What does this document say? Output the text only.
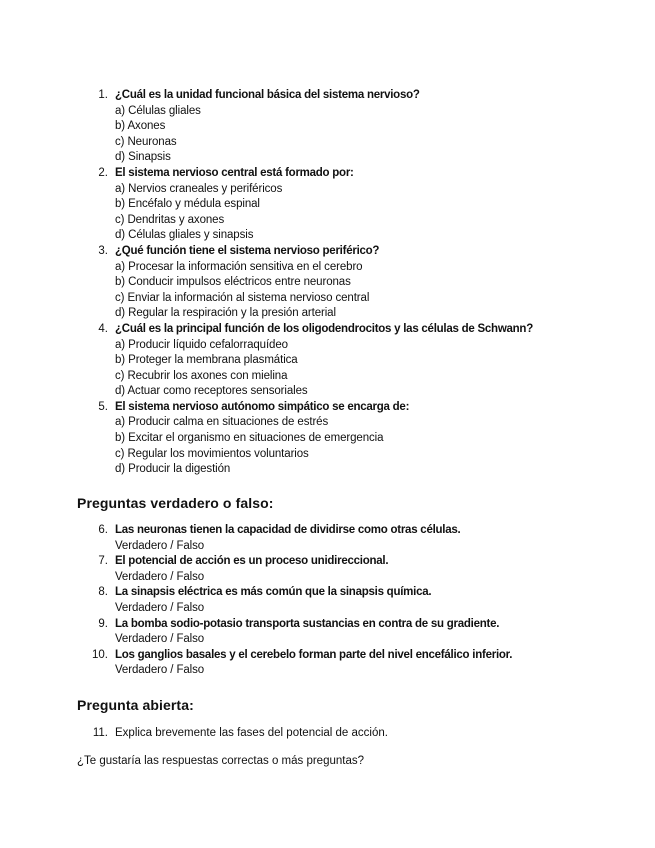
1. ¿Cuál es la unidad funcional básica del sistema nervioso?
a) Células gliales
b) Axones
c) Neuronas
d) Sinapsis
2. El sistema nervioso central está formado por:
a) Nervios craneales y periféricos
b) Encéfalo y médula espinal
c) Dendritas y axones
d) Células gliales y sinapsis
3. ¿Qué función tiene el sistema nervioso periférico?
a) Procesar la información sensitiva en el cerebro
b) Conducir impulsos eléctricos entre neuronas
c) Enviar la información al sistema nervioso central
d) Regular la respiración y la presión arterial
4. ¿Cuál es la principal función de los oligodendrocitos y las células de Schwann?
a) Producir líquido cefalorraquídeo
b) Proteger la membrana plasmática
c) Recubrir los axones con mielina
d) Actuar como receptores sensoriales
5. El sistema nervioso autónomo simpático se encarga de:
a) Producir calma en situaciones de estrés
b) Excitar el organismo en situaciones de emergencia
c) Regular los movimientos voluntarios
d) Producir la digestión
Preguntas verdadero o falso:
6. Las neuronas tienen la capacidad de dividirse como otras células.
Verdadero / Falso
7. El potencial de acción es un proceso unidireccional.
Verdadero / Falso
8. La sinapsis eléctrica es más común que la sinapsis química.
Verdadero / Falso
9. La bomba sodio-potasio transporta sustancias en contra de su gradiente.
Verdadero / Falso
10. Los ganglios basales y el cerebelo forman parte del nivel encefálico inferior.
Verdadero / Falso
Pregunta abierta:
11. Explica brevemente las fases del potencial de acción.
¿Te gustaría las respuestas correctas o más preguntas?
